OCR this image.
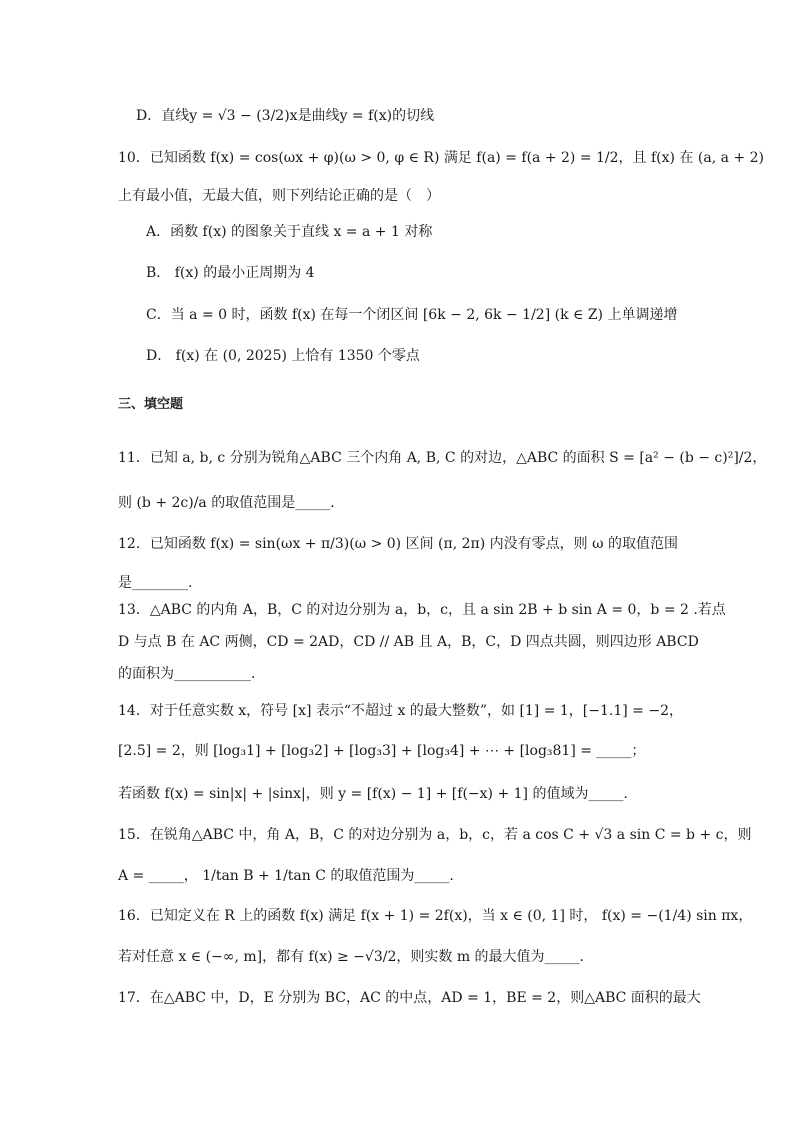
D．直线y = √3 − (3/2)x是曲线y = f(x)的切线
10．已知函数 f(x) = cos(ωx + φ)(ω > 0, φ ∈ R) 满足 f(a) = f(a + 2) = 1/2，且 f(x) 在 (a, a + 2)
上有最小值，无最大值，则下列结论正确的是（　）
A．函数 f(x) 的图象关于直线 x = a + 1 对称
B． f(x) 的最小正周期为 4
C．当 a = 0 时，函数 f(x) 在每一个闭区间 [6k − 2, 6k − 1/2] (k ∈ Z) 上单调递增
D． f(x) 在 (0, 2025) 上恰有 1350 个零点
三、填空题
11．已知 a, b, c 分别为锐角△ABC 三个内角 A, B, C 的对边，△ABC 的面积 S = [a² − (b − c)²]/2，
则 (b + 2c)/a 的取值范围是_____.
12．已知函数 f(x) = sin(ωx + π/3)(ω > 0) 区间 (π, 2π) 内没有零点，则 ω 的取值范围
是________.
13．△ABC 的内角 A，B，C 的对边分别为 a，b，c，且 a sin 2B + b sin A = 0，b = 2 .若点
D 与点 B 在 AC 两侧，CD = 2AD，CD // AB 且 A，B，C，D 四点共圆，则四边形 ABCD
的面积为___________.
14．对于任意实数 x，符号 [x] 表示“不超过 x 的最大整数”，如 [1] = 1，[−1.1] = −2，
[2.5] = 2，则 [log₃1] + [log₃2] + [log₃3] + [log₃4] + ⋯ + [log₃81] = _____；
若函数 f(x) = sin|x| + |sinx|，则 y = [f(x) − 1] + [f(−x) + 1] 的值域为_____.
15．在锐角△ABC 中，角 A，B，C 的对边分别为 a，b，c，若 a cos C + √3 a sin C = b + c，则
A = _____， 1/tan B + 1/tan C 的取值范围为_____.
16．已知定义在 R 上的函数 f(x) 满足 f(x + 1) = 2f(x)，当 x ∈ (0, 1] 时， f(x) = −(1/4) sin πx，
若对任意 x ∈ (−∞, m]，都有 f(x) ≥ −√3/2，则实数 m 的最大值为_____.
17．在△ABC 中，D，E 分别为 BC，AC 的中点，AD = 1，BE = 2，则△ABC 面积的最大
